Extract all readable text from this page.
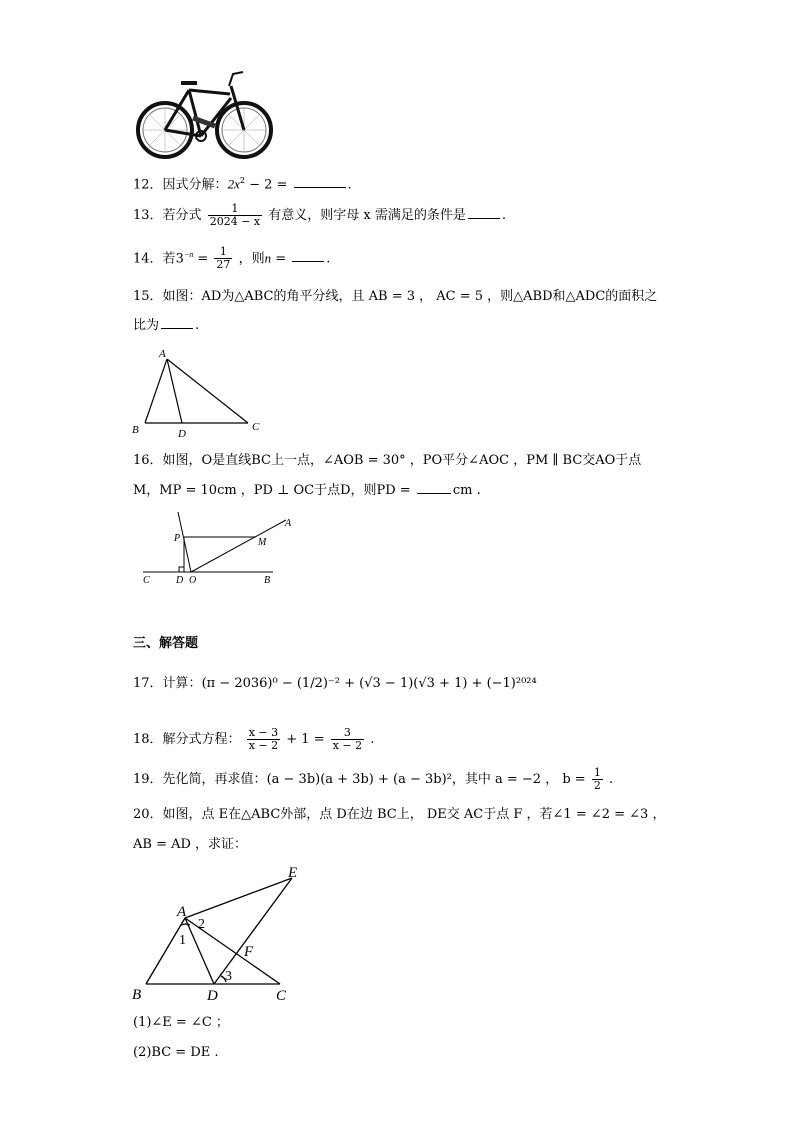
12．因式分解：$2x^2 - 2$ =	.
13．若分式 $\frac{1}{2024 - x}$ 有意义，则字母 x 需满足的条件是	.
14．若$3^{-n} = \frac{1}{27}$ ，则n =	.
15．如图：AD为△ABC的角平分线，且 AB = 3 ， AC = 5 ，则△ABD和△ADC的面积之
比为	.
A
B	D
C
16．如图，O是直线BC上一点，∠AOB = 30° ，PO平分∠AOC ，PM ∥ BC交AO于点
M，MP = 10cm ，PD ⊥ OC于点D，则PD =	cm .
A
P	M
C	D O	B
三、解答题
17．计算：(π − 2036)⁰ − (1/2)⁻² + (√3 − 1)(√3 + 1) + (−1)²⁰²⁴
18．解分式方程： $\frac{x - 3}{x - 2} + 1 = \frac{3}{x - 2}$ .
19．先化简，再求值：(a − 3b)(a + 3b) + (a − 3b)²，其中 a = −2 ， $b = \frac{1}{2}$ .
20．如图，点 E在△ABC外部，点 D在边 BC上， DE交 AC于点 F ，若∠1 = ∠2 = ∠3 ，
AB = AD ，求证：
A
B	D	C
E
F
1
2
3
(1)∠E = ∠C ；
(2)BC = DE .
